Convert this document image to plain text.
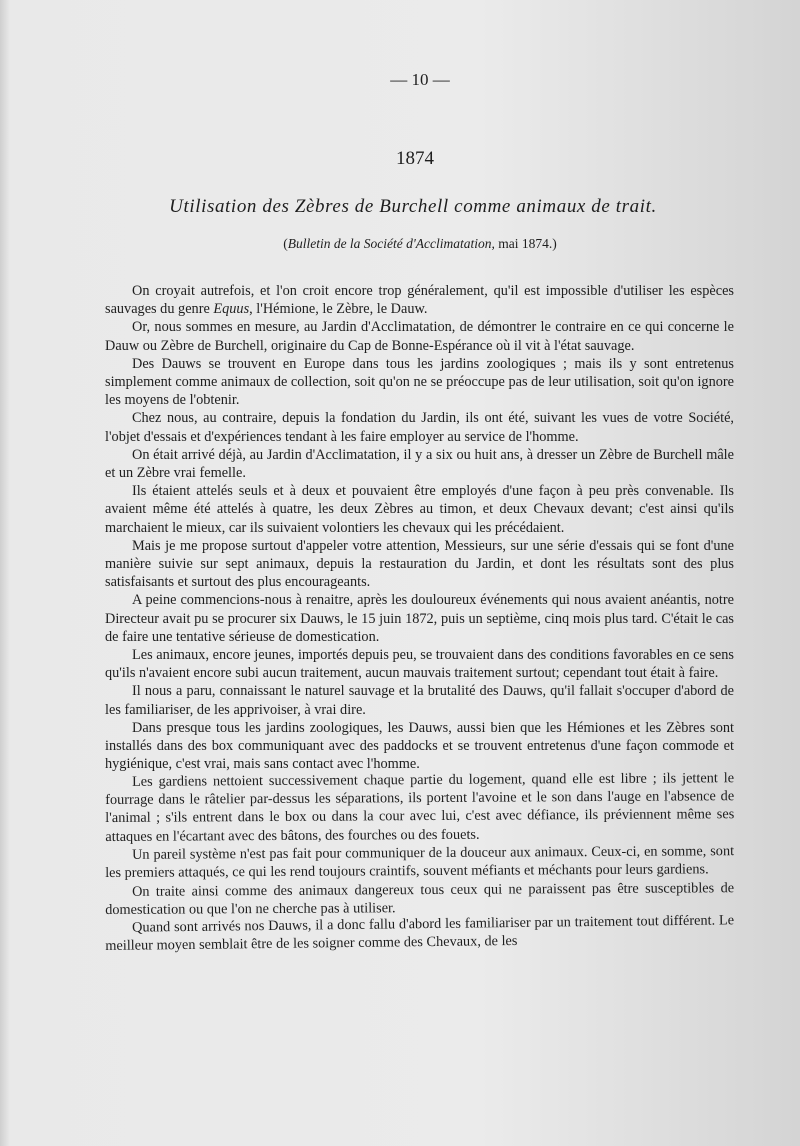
— 10 —
1874
Utilisation des Zèbres de Burchell comme animaux de trait.
(Bulletin de la Société d'Acclimatation, mai 1874.)

On croyait autrefois, et l'on croit encore trop généralement, qu'il est impossible d'utiliser les espèces sauvages du genre Equus, l'Hémione, le Zèbre, le Dauw.

Or, nous sommes en mesure, au Jardin d'Acclimatation, de démontrer le contraire en ce qui concerne le Dauw ou Zèbre de Burchell, originaire du Cap de Bonne-Espérance où il vit à l'état sauvage.

Des Dauws se trouvent en Europe dans tous les jardins zoologiques ; mais ils y sont entretenus simplement comme animaux de collection, soit qu'on ne se préoccupe pas de leur utilisation, soit qu'on ignore les moyens de l'obtenir.

Chez nous, au contraire, depuis la fondation du Jardin, ils ont été, suivant les vues de votre Société, l'objet d'essais et d'expériences tendant à les faire employer au service de l'homme.

On était arrivé déjà, au Jardin d'Acclimatation, il y a six ou huit ans, à dresser un Zèbre de Burchell mâle et un Zèbre vrai femelle.

Ils étaient attelés seuls et à deux et pouvaient être employés d'une façon à peu près convenable. Ils avaient même été attelés à quatre, les deux Zèbres au timon, et deux Chevaux devant; c'est ainsi qu'ils marchaient le mieux, car ils suivaient volontiers les chevaux qui les précédaient.

Mais je me propose surtout d'appeler votre attention, Messieurs, sur une série d'essais qui se font d'une manière suivie sur sept animaux, depuis la restauration du Jardin, et dont les résultats sont des plus satisfaisants et surtout des plus encourageants.

A peine commencions-nous à renaitre, après les douloureux événements qui nous avaient anéantis, notre Directeur avait pu se procurer six Dauws, le 15 juin 1872, puis un septième, cinq mois plus tard. C'était le cas de faire une tentative sérieuse de domestication.

Les animaux, encore jeunes, importés depuis peu, se trouvaient dans des conditions favorables en ce sens qu'ils n'avaient encore subi aucun traitement, aucun mauvais traitement surtout; cependant tout était à faire.

Il nous a paru, connaissant le naturel sauvage et la brutalité des Dauws, qu'il fallait s'occuper d'abord de les familiariser, de les apprivoiser, à vrai dire.

Dans presque tous les jardins zoologiques, les Dauws, aussi bien que les Hémiones et les Zèbres sont installés dans des box communiquant avec des paddocks et se trouvent entretenus d'une façon commode et hygiénique, c'est vrai, mais sans contact avec l'homme.

Les gardiens nettoient successivement chaque partie du logement, quand elle est libre ; ils jettent le fourrage dans le râtelier par-dessus les séparations, ils portent l'avoine et le son dans l'auge en l'absence de l'animal ; s'ils entrent dans le box ou dans la cour avec lui, c'est avec défiance, ils préviennent même ses attaques en l'écartant avec des bâtons, des fourches ou des fouets.

Un pareil système n'est pas fait pour communiquer de la douceur aux animaux. Ceux-ci, en somme, sont les premiers attaqués, ce qui les rend toujours craintifs, souvent méfiants et méchants pour leurs gardiens.

On traite ainsi comme des animaux dangereux tous ceux qui ne paraissent pas être susceptibles de domestication ou que l'on ne cherche pas à utiliser.

Quand sont arrivés nos Dauws, il a donc fallu d'abord les familiariser par un traitement tout différent. Le meilleur moyen semblait être de les soigner comme des Chevaux, de les
